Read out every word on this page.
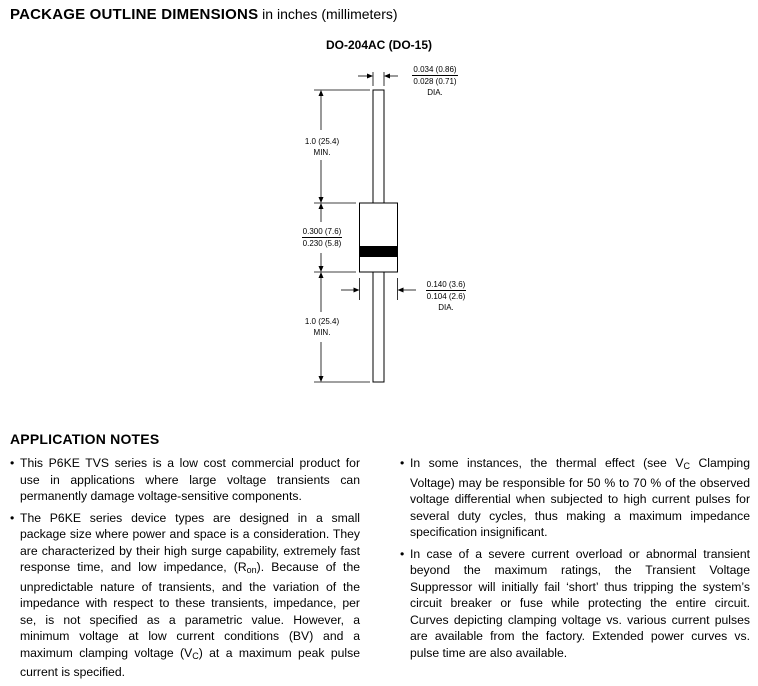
PACKAGE OUTLINE DIMENSIONS in inches (millimeters)
DO-204AC (DO-15)
0.034 (0.86)
0.028 (0.71)
DIA.
1.0 (25.4)
MIN.
0.300 (7.6)
0.230 (5.8)
0.140 (3.6)
0.104 (2.6)
DIA.
1.0 (25.4)
MIN.
APPLICATION NOTES
• This P6KE TVS series is a low cost commercial product for use in applications where large voltage transients can permanently damage voltage-sensitive components.
• The P6KE series device types are designed in a small package size where power and space is a consideration. They are characterized by their high surge capability, extremely fast response time, and low impedance, (Ron). Because of the unpredictable nature of transients, and the variation of the impedance with respect to these transients, impedance, per se, is not specified as a parametric value. However, a minimum voltage at low current conditions (BV) and a maximum clamping voltage (VC) at a maximum peak pulse current is specified.
• In some instances, the thermal effect (see VC Clamping Voltage) may be responsible for 50 % to 70 % of the observed voltage differential when subjected to high current pulses for several duty cycles, thus making a maximum impedance specification insignificant.
• In case of a severe current overload or abnormal transient beyond the maximum ratings, the Transient Voltage Suppressor will initially fail ‘short’ thus tripping the system’s circuit breaker or fuse while protecting the entire circuit. Curves depicting clamping voltage vs. various current pulses are available from the factory. Extended power curves vs. pulse time are also available.
